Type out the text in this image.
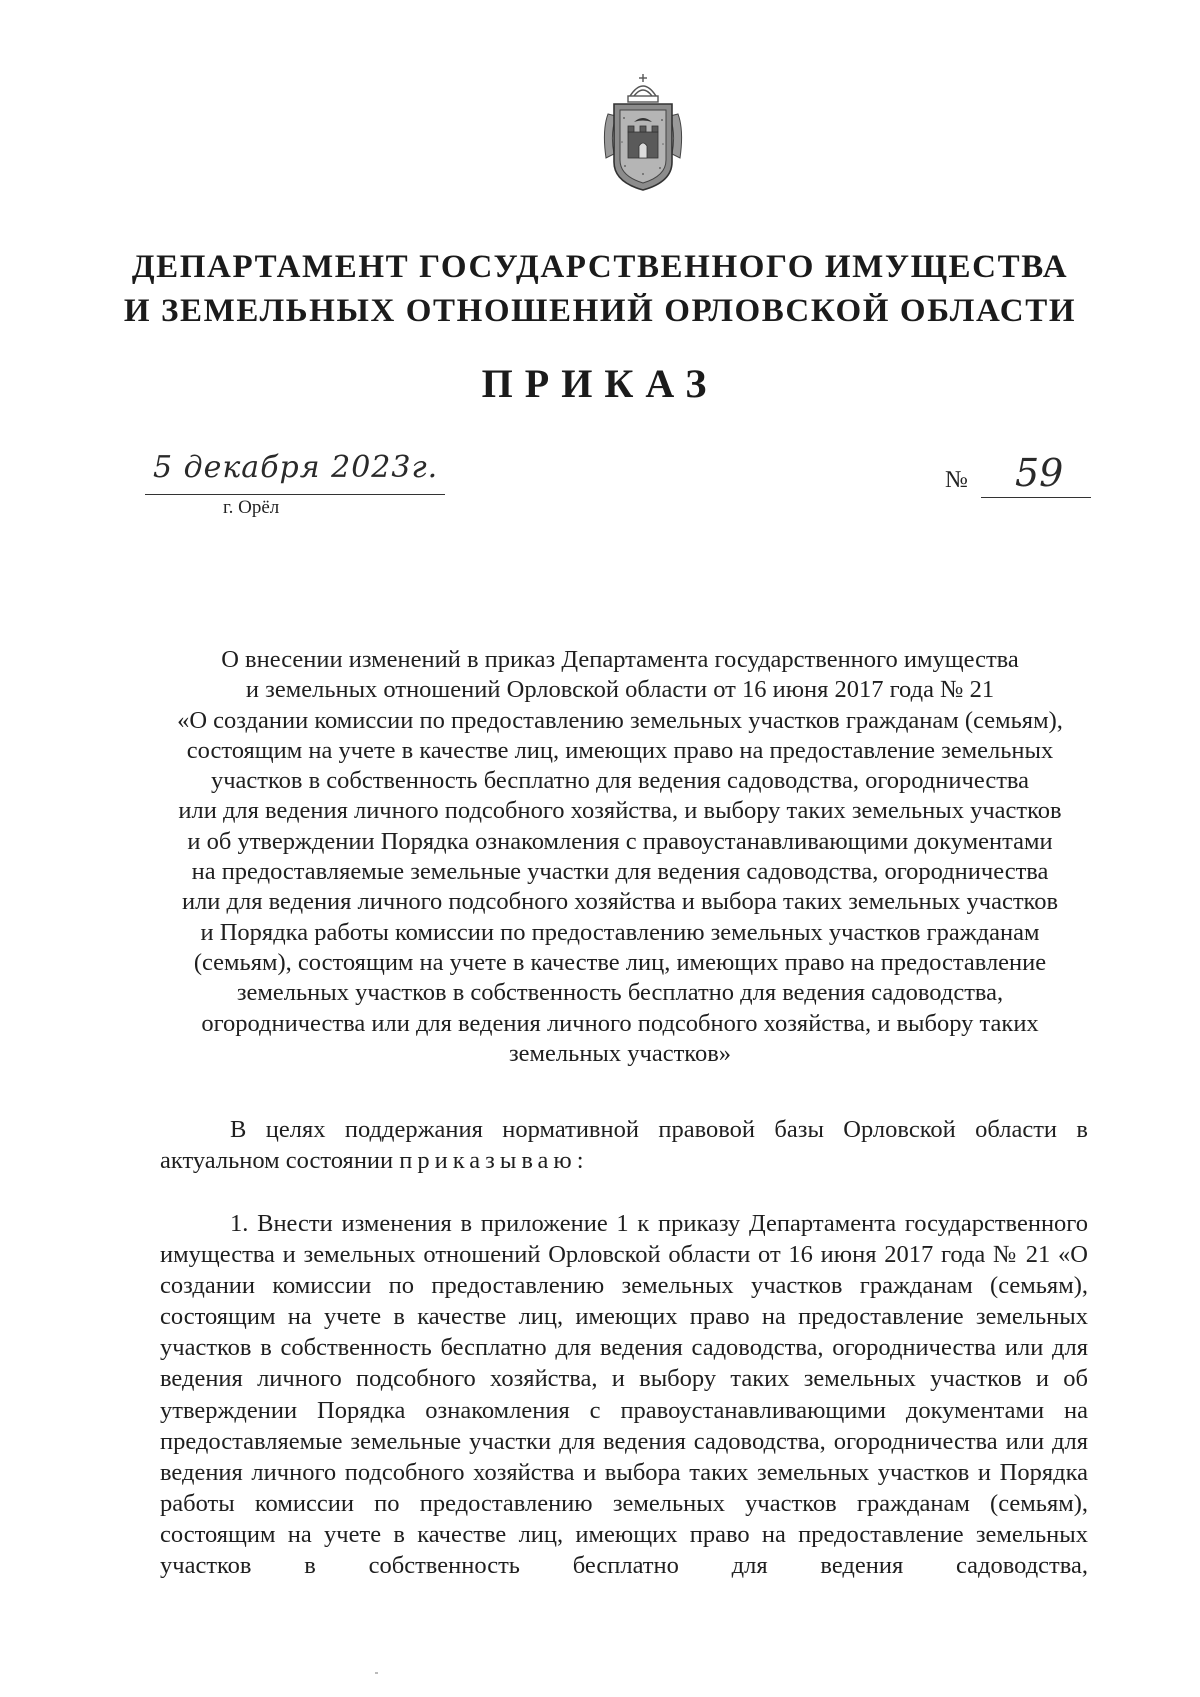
ДЕПАРТАМЕНТ ГОСУДАРСТВЕННОГО ИМУЩЕСТВА
И ЗЕМЕЛЬНЫХ ОТНОШЕНИЙ ОРЛОВСКОЙ ОБЛАСТИ
ПРИКАЗ
5 декабря 2023г.
г. Орёл
№ 59
О внесении изменений в приказ Департамента государственного имущества
и земельных отношений Орловской области от 16 июня 2017 года № 21
«О создании комиссии по предоставлению земельных участков гражданам (семьям),
состоящим на учете в качестве лиц, имеющих право на предоставление земельных
участков в собственность бесплатно для ведения садоводства, огородничества
или для ведения личного подсобного хозяйства, и выбору таких земельных участков
и об утверждении Порядка ознакомления с правоустанавливающими документами
на предоставляемые земельные участки для ведения садоводства, огородничества
или для ведения личного подсобного хозяйства и выбора таких земельных участков
и Порядка работы комиссии по предоставлению земельных участков гражданам
(семьям), состоящим на учете в качестве лиц, имеющих право на предоставление
земельных участков в собственность бесплатно для ведения садоводства,
огородничества или для ведения личного подсобного хозяйства, и выбору таких
земельных участков»
В целях поддержания нормативной правовой базы Орловской области в актуальном состоянии приказываю:
1. Внести изменения в приложение 1 к приказу Департамента государственного имущества и земельных отношений Орловской области от 16 июня 2017 года № 21 «О создании комиссии по предоставлению земельных участков гражданам (семьям), состоящим на учете в качестве лиц, имеющих право на предоставление земельных участков в собственность бесплатно для ведения садоводства, огородничества или для ведения личного подсобного хозяйства, и выбору таких земельных участков и об утверждении Порядка ознакомления с правоустанавливающими документами на предоставляемые земельные участки для ведения садоводства, огородничества или для ведения личного подсобного хозяйства и выбора таких земельных участков и Порядка работы комиссии по предоставлению земельных участков гражданам (семьям), состоящим на учете в качестве лиц, имеющих право на предоставление земельных участков в собственность бесплатно для ведения садоводства,
